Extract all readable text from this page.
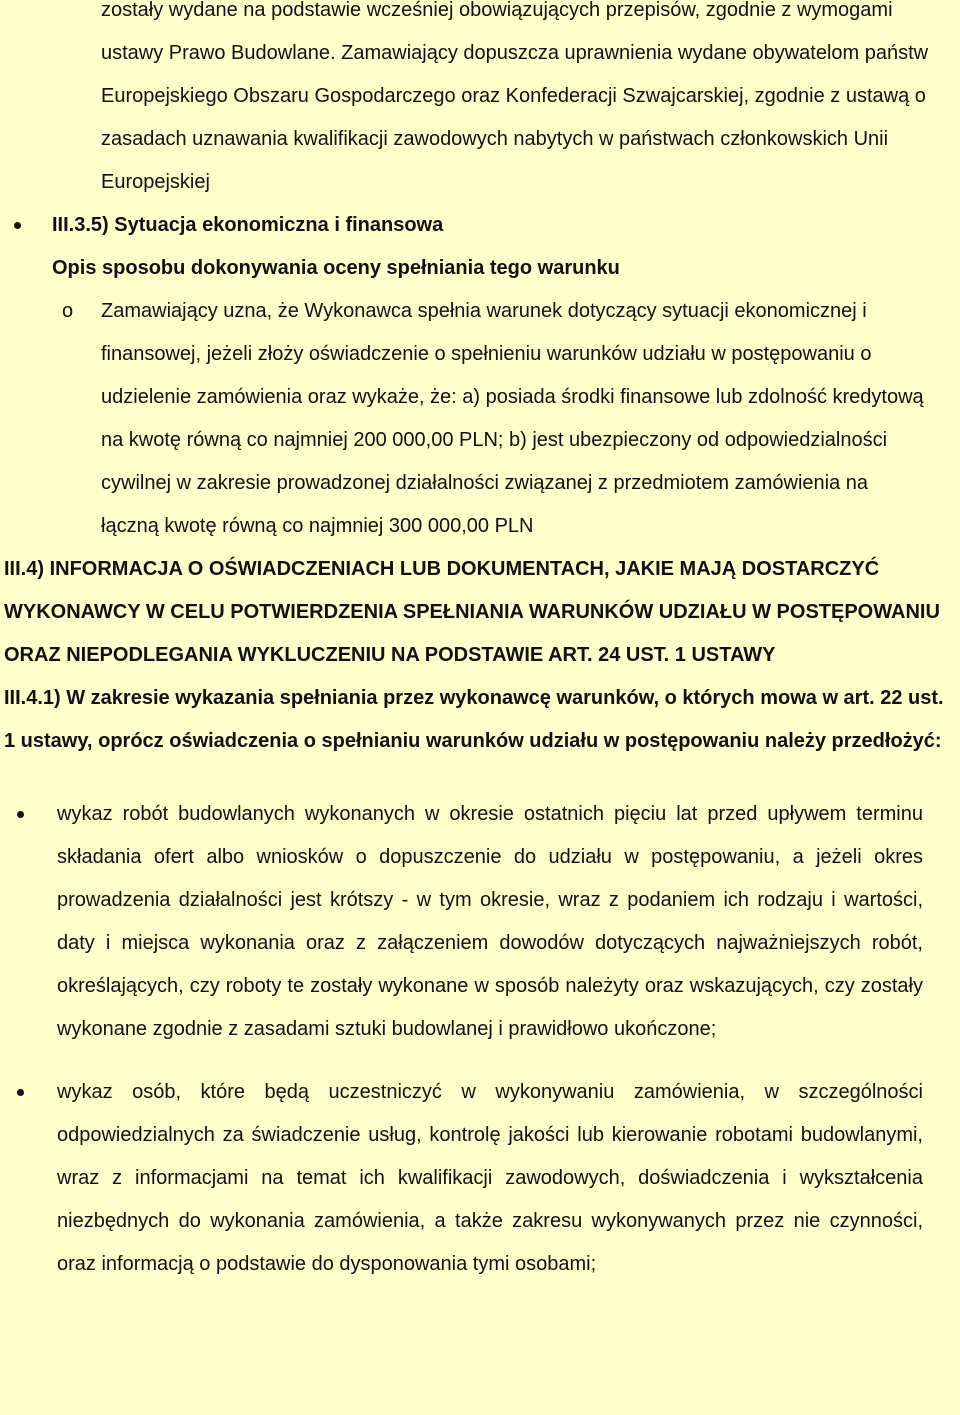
zostały wydane na podstawie wcześniej obowiązujących przepisów, zgodnie z wymogami ustawy Prawo Budowlane. Zamawiający dopuszcza uprawnienia wydane obywatelom państw Europejskiego Obszaru Gospodarczego oraz Konfederacji Szwajcarskiej, zgodnie z ustawą o zasadach uznawania kwalifikacji zawodowych nabytych w państwach członkowskich Unii Europejskiej

III.3.5) Sytuacja ekonomiczna i finansowa

Opis sposobu dokonywania oceny spełniania tego warunku

o Zamawiający uzna, że Wykonawca spełnia warunek dotyczący sytuacji ekonomicznej i finansowej, jeżeli złoży oświadczenie o spełnieniu warunków udziału w postępowaniu o udzielenie zamówienia oraz wykaże, że: a) posiada środki finansowe lub zdolność kredytową na kwotę równą co najmniej 200 000,00 PLN; b) jest ubezpieczony od odpowiedzialności cywilnej w zakresie prowadzonej działalności związanej z przedmiotem zamówienia na łączną kwotę równą co najmniej 300 000,00 PLN

III.4) INFORMACJA O OŚWIADCZENIACH LUB DOKUMENTACH, JAKIE MAJĄ DOSTARCZYĆ WYKONAWCY W CELU POTWIERDZENIA SPEŁNIANIA WARUNKÓW UDZIAŁU W POSTĘPOWANIU ORAZ NIEPODLEGANIA WYKLUCZENIU NA PODSTAWIE ART. 24 UST. 1 USTAWY

III.4.1) W zakresie wykazania spełniania przez wykonawcę warunków, o których mowa w art. 22 ust. 1 ustawy, oprócz oświadczenia o spełnianiu warunków udziału w postępowaniu należy przedłożyć:

wykaz robót budowlanych wykonanych w okresie ostatnich pięciu lat przed upływem terminu składania ofert albo wniosków o dopuszczenie do udziału w postępowaniu, a jeżeli okres prowadzenia działalności jest krótszy - w tym okresie, wraz z podaniem ich rodzaju i wartości, daty i miejsca wykonania oraz z załączeniem dowodów dotyczących najważniejszych robót, określających, czy roboty te zostały wykonane w sposób należyty oraz wskazujących, czy zostały wykonane zgodnie z zasadami sztuki budowlanej i prawidłowo ukończone;
wykaz osób, które będą uczestniczyć w wykonywaniu zamówienia, w szczególności odpowiedzialnych za świadczenie usług, kontrolę jakości lub kierowanie robotami budowlanymi, wraz z informacjami na temat ich kwalifikacji zawodowych, doświadczenia i wykształcenia niezbędnych do wykonania zamówienia, a także zakresu wykonywanych przez nie czynności, oraz informacją o podstawie do dysponowania tymi osobami;
